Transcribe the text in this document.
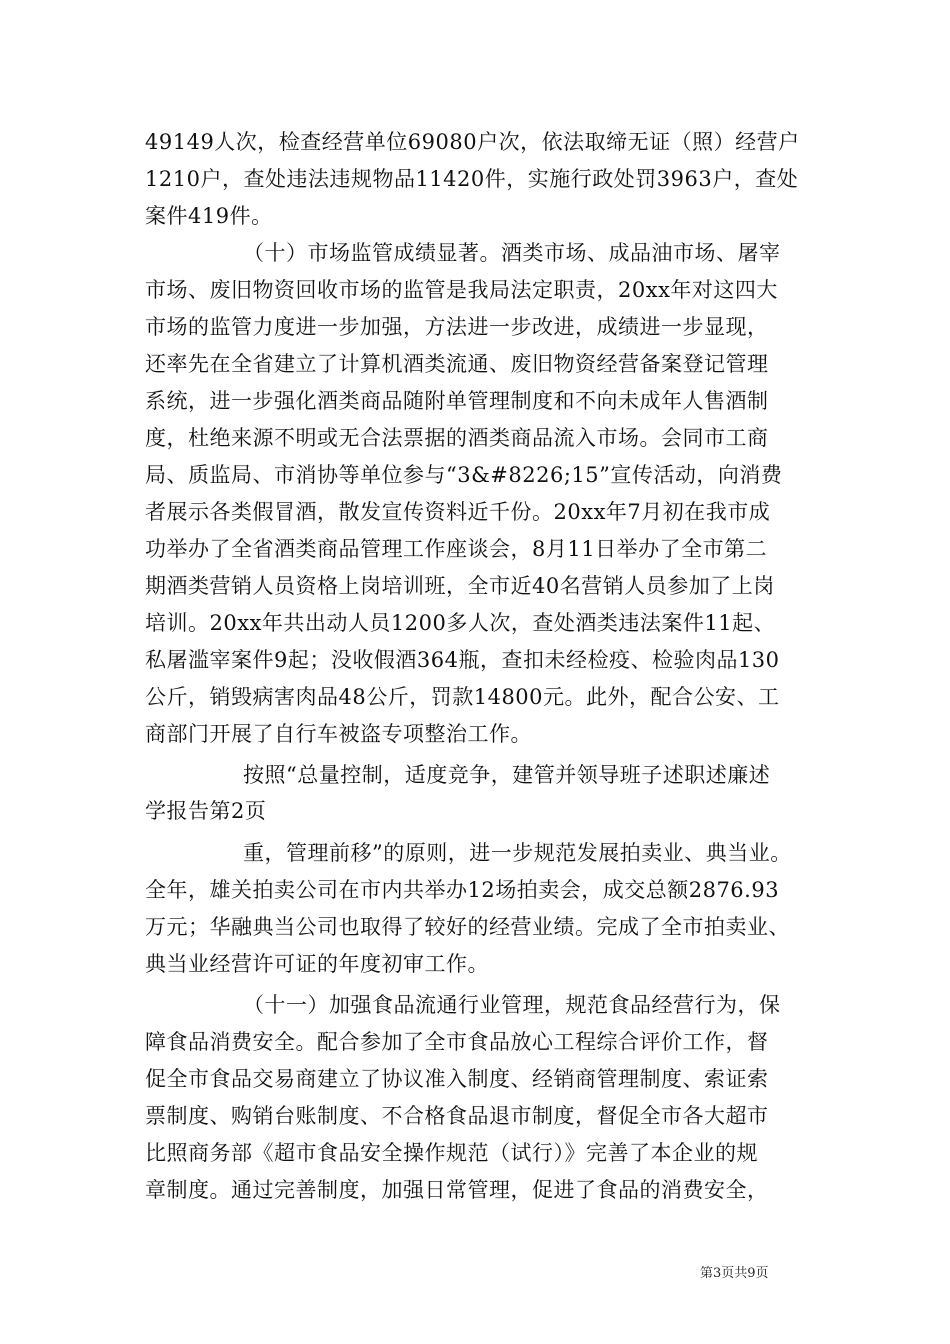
49149人次，检查经营单位69080户次，依法取缔无证（照）经营户
1210户，查处违法违规物品11420件，实施行政处罚3963户，查处
案件419件。
（十）市场监管成绩显著。酒类市场、成品油市场、屠宰
市场、废旧物资回收市场的监管是我局法定职责，20xx年对这四大
市场的监管力度进一步加强，方法进一步改进，成绩进一步显现，
还率先在全省建立了计算机酒类流通、废旧物资经营备案登记管理
系统，进一步强化酒类商品随附单管理制度和不向未成年人售酒制
度，杜绝来源不明或无合法票据的酒类商品流入市场。会同市工商
局、质监局、市消协等单位参与“3&#8226;15”宣传活动，向消费
者展示各类假冒酒，散发宣传资料近千份。20xx年7月初在我市成
功举办了全省酒类商品管理工作座谈会，8月11日举办了全市第二
期酒类营销人员资格上岗培训班，全市近40名营销人员参加了上岗
培训。20xx年共出动人员1200多人次，查处酒类违法案件11起、
私屠滥宰案件9起；没收假酒364瓶，查扣未经检疫、检验肉品130
公斤，销毁病害肉品48公斤，罚款14800元。此外，配合公安、工
商部门开展了自行车被盗专项整治工作。
按照“总量控制，适度竞争，建管并领导班子述职述廉述
学报告第2页
重，管理前移”的原则，进一步规范发展拍卖业、典当业。
全年，雄关拍卖公司在市内共举办12场拍卖会，成交总额2876.93
万元；华融典当公司也取得了较好的经营业绩。完成了全市拍卖业、
典当业经营许可证的年度初审工作。
（十一）加强食品流通行业管理，规范食品经营行为，保
障食品消费安全。配合参加了全市食品放心工程综合评价工作，督
促全市食品交易商建立了协议准入制度、经销商管理制度、索证索
票制度、购销台账制度、不合格食品退市制度，督促全市各大超市
比照商务部《超市食品安全操作规范（试行）》完善了本企业的规
章制度。通过完善制度，加强日常管理，促进了食品的消费安全，
第3页共9页
